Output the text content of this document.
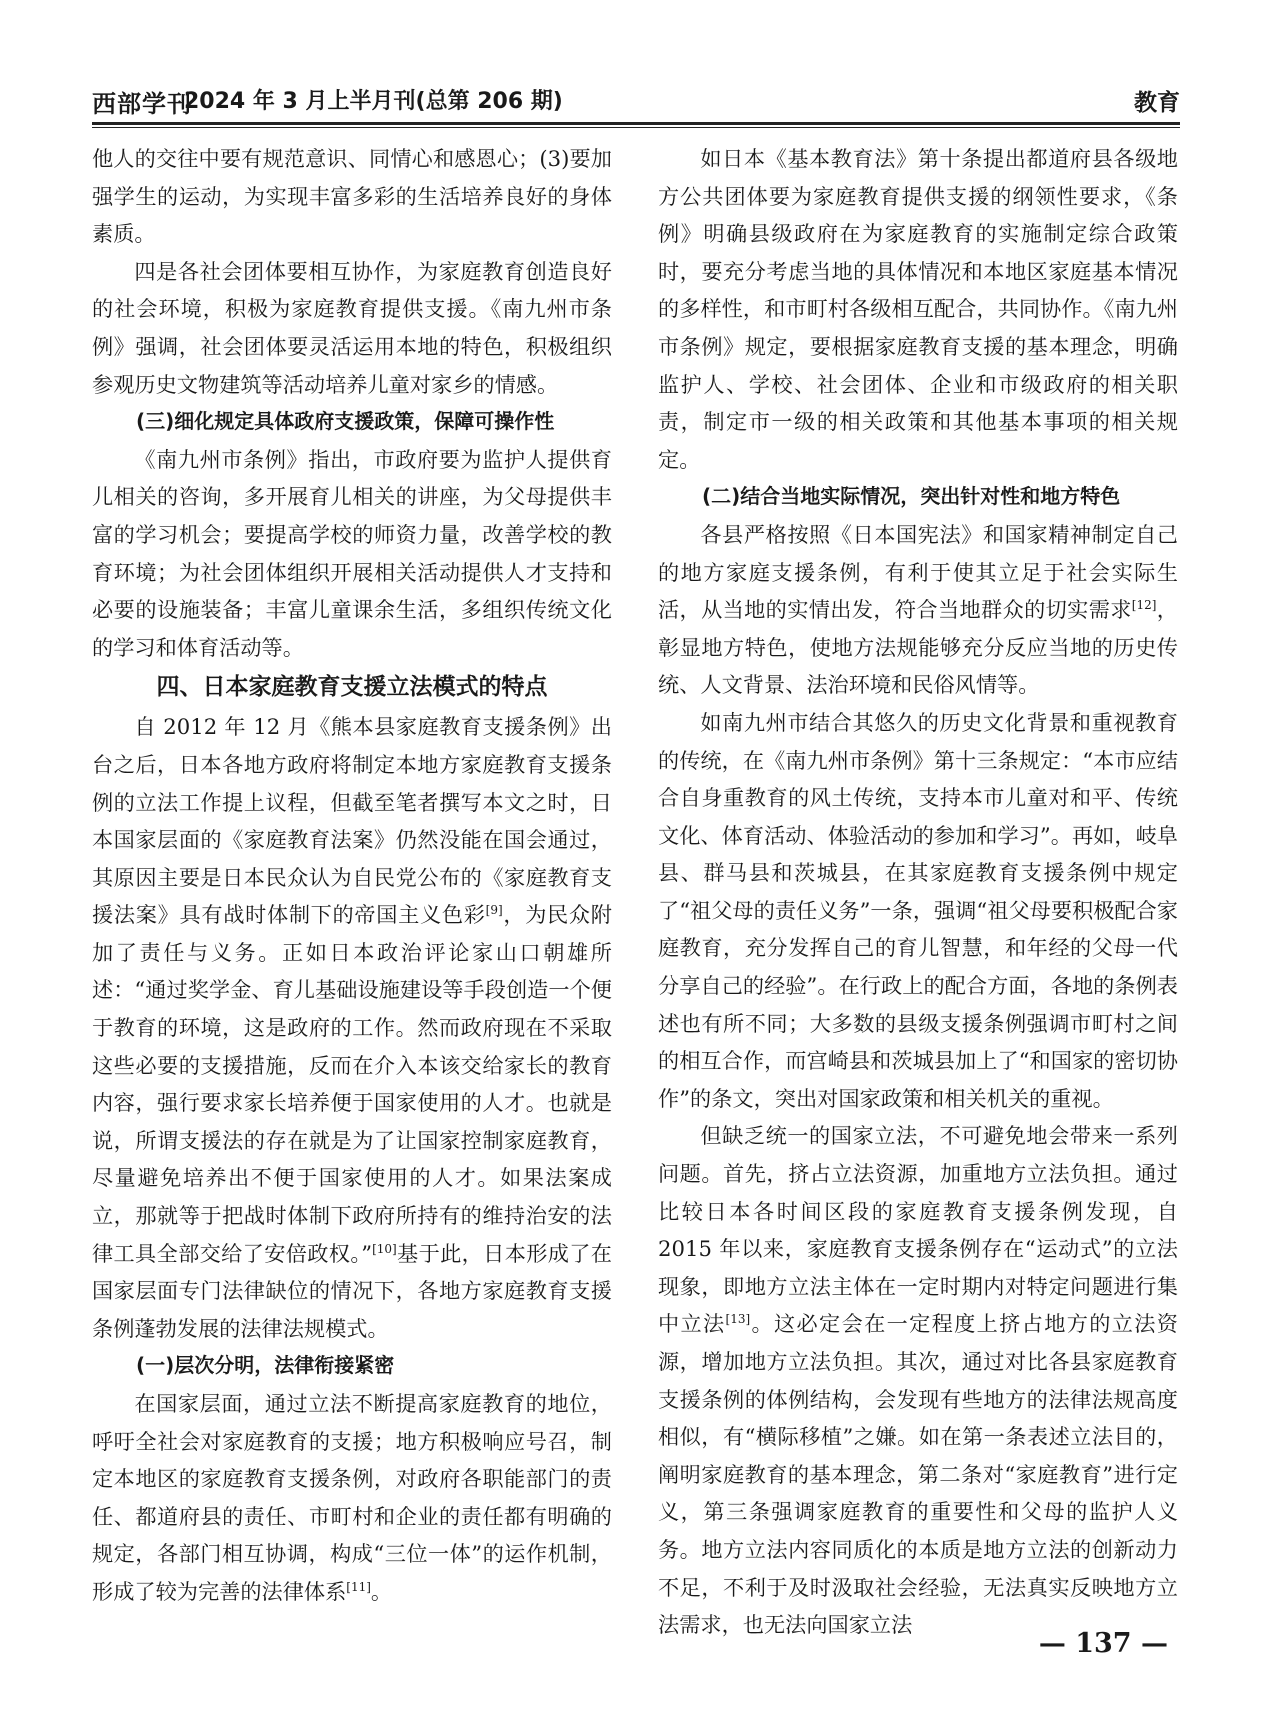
西部学刊
2024 年 3 月上半月刊(总第 206 期)	教育

他人的交往中要有规范意识、同情心和感恩心；(3)要加强学生的运动，为实现丰富多彩的生活培养良好的身体素质。

四是各社会团体要相互协作，为家庭教育创造良好的社会环境，积极为家庭教育提供支援。《南九州市条例》强调，社会团体要灵活运用本地的特色，积极组织参观历史文物建筑等活动培养儿童对家乡的情感。

(三)细化规定具体政府支援政策，保障可操作性

《南九州市条例》指出，市政府要为监护人提供育儿相关的咨询，多开展育儿相关的讲座，为父母提供丰富的学习机会；要提高学校的师资力量，改善学校的教育环境；为社会团体组织开展相关活动提供人才支持和必要的设施装备；丰富儿童课余生活，多组织传统文化的学习和体育活动等。

四、日本家庭教育支援立法模式的特点

自 2012 年 12 月《熊本县家庭教育支援条例》出台之后，日本各地方政府将制定本地方家庭教育支援条例的立法工作提上议程，但截至笔者撰写本文之时，日本国家层面的《家庭教育法案》仍然没能在国会通过，其原因主要是日本民众认为自民党公布的《家庭教育支援法案》具有战时体制下的帝国主义色彩[9]，为民众附加了责任与义务。正如日本政治评论家山口朝雄所述：“通过奖学金、育儿基础设施建设等手段创造一个便于教育的环境，这是政府的工作。然而政府现在不采取这些必要的支援措施，反而在介入本该交给家长的教育内容，强行要求家长培养便于国家使用的人才。也就是说，所谓支援法的存在就是为了让国家控制家庭教育，尽量避免培养出不便于国家使用的人才。如果法案成立，那就等于把战时体制下政府所持有的维持治安的法律工具全部交给了安倍政权。”[10]基于此，日本形成了在国家层面专门法律缺位的情况下，各地方家庭教育支援条例蓬勃发展的法律法规模式。

(一)层次分明，法律衔接紧密

在国家层面，通过立法不断提高家庭教育的地位，呼吁全社会对家庭教育的支援；地方积极响应号召，制定本地区的家庭教育支援条例，对政府各职能部门的责任、都道府县的责任、市町村和企业的责任都有明确的规定，各部门相互协调，构成“三位一体”的运作机制，形成了较为完善的法律体系[11]。

如日本《基本教育法》第十条提出都道府县各级地方公共团体要为家庭教育提供支援的纲领性要求，《条例》明确县级政府在为家庭教育的实施制定综合政策时，要充分考虑当地的具体情况和本地区家庭基本情况的多样性，和市町村各级相互配合，共同协作。《南九州市条例》规定，要根据家庭教育支援的基本理念，明确监护人、学校、社会团体、企业和市级政府的相关职责，制定市一级的相关政策和其他基本事项的相关规定。

(二)结合当地实际情况，突出针对性和地方特色

各县严格按照《日本国宪法》和国家精神制定自己的地方家庭支援条例，有利于使其立足于社会实际生活，从当地的实情出发，符合当地群众的切实需求[12]，彰显地方特色，使地方法规能够充分反应当地的历史传统、人文背景、法治环境和民俗风情等。

如南九州市结合其悠久的历史文化背景和重视教育的传统，在《南九州市条例》第十三条规定：“本市应结合自身重教育的风土传统，支持本市儿童对和平、传统文化、体育活动、体验活动的参加和学习”。再如，岐阜县、群马县和茨城县，在其家庭教育支援条例中规定了“祖父母的责任义务”一条，强调“祖父母要积极配合家庭教育，充分发挥自己的育儿智慧，和年经的父母一代分享自己的经验”。在行政上的配合方面，各地的条例表述也有所不同；大多数的县级支援条例强调市町村之间的相互合作，而宫崎县和茨城县加上了“和国家的密切协作”的条文，突出对国家政策和相关机关的重视。

但缺乏统一的国家立法，不可避免地会带来一系列问题。首先，挤占立法资源，加重地方立法负担。通过比较日本各时间区段的家庭教育支援条例发现，自 2015 年以来，家庭教育支援条例存在“运动式”的立法现象，即地方立法主体在一定时期内对特定问题进行集中立法[13]。这必定会在一定程度上挤占地方的立法资源，增加地方立法负担。其次，通过对比各县家庭教育支援条例的体例结构，会发现有些地方的法律法规高度相似，有“横际移植”之嫌。如在第一条表述立法目的，阐明家庭教育的基本理念，第二条对“家庭教育”进行定义，第三条强调家庭教育的重要性和父母的监护人义务。地方立法内容同质化的本质是地方立法的创新动力不足，不利于及时汲取社会经验，无法真实反映地方立法需求，也无法向国家立法

— 137 —
